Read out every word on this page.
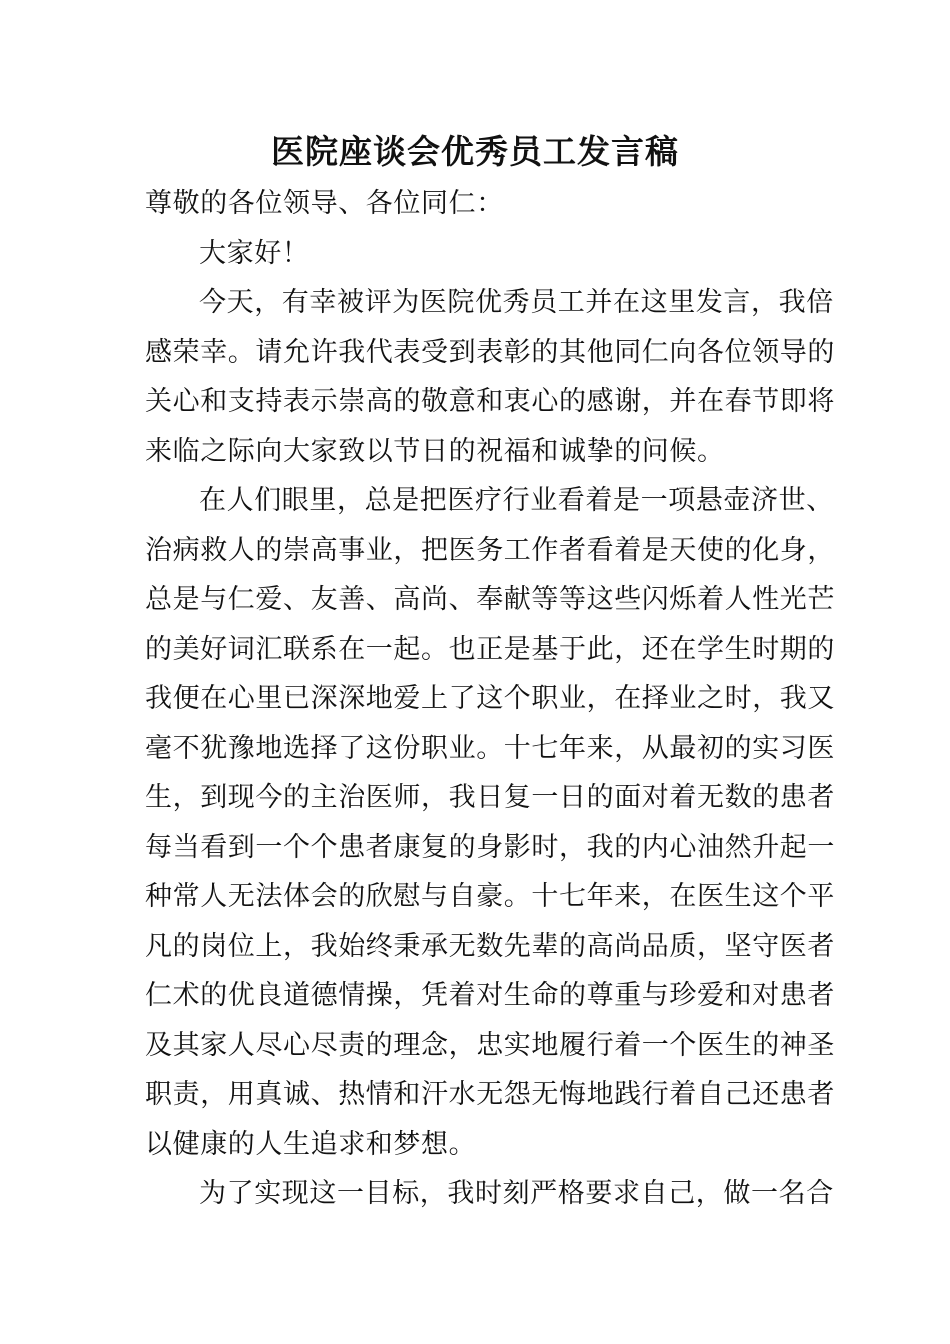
医院座谈会优秀员工发言稿
尊敬的各位领导、各位同仁：
大家好！
今天，有幸被评为医院优秀员工并在这里发言，我倍
感荣幸。请允许我代表受到表彰的其他同仁向各位领导的
关心和支持表示崇高的敬意和衷心的感谢，并在春节即将
来临之际向大家致以节日的祝福和诚挚的问候。
在人们眼里，总是把医疗行业看着是一项悬壶济世、
治病救人的崇高事业，把医务工作者看着是天使的化身，
总是与仁爱、友善、高尚、奉献等等这些闪烁着人性光芒
的美好词汇联系在一起。也正是基于此，还在学生时期的
我便在心里已深深地爱上了这个职业，在择业之时，我又
毫不犹豫地选择了这份职业。十七年来，从最初的实习医
生，到现今的主治医师，我日复一日的面对着无数的患者
每当看到一个个患者康复的身影时，我的内心油然升起一
种常人无法体会的欣慰与自豪。十七年来，在医生这个平
凡的岗位上，我始终秉承无数先辈的高尚品质，坚守医者
仁术的优良道德情操，凭着对生命的尊重与珍爱和对患者
及其家人尽心尽责的理念，忠实地履行着一个医生的神圣
职责，用真诚、热情和汗水无怨无悔地践行着自己还患者
以健康的人生追求和梦想。
为了实现这一目标，我时刻严格要求自己，做一名合
